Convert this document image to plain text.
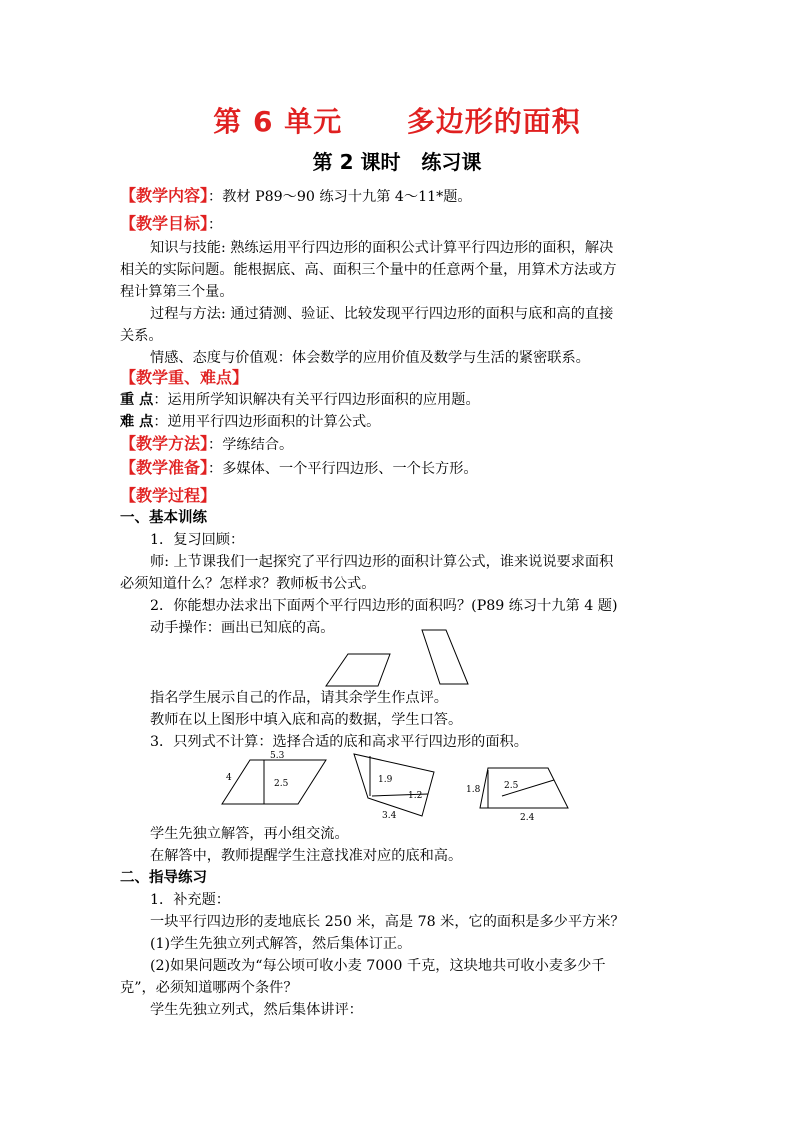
第 6 单元      多边形的面积
第 2 课时   练习课
【教学内容】：教材 P89～90 练习十九第 4～11*题。
【教学目标】：
知识与技能: 熟练运用平行四边形的面积公式计算平行四边形的面积，解决
相关的实际问题。能根据底、高、面积三个量中的任意两个量，用算术方法或方
程计算第三个量。
过程与方法: 通过猜测、验证、比较发现平行四边形的面积与底和高的直接
关系。
情感、态度与价值观：体会数学的应用价值及数学与生活的紧密联系。
【教学重、难点】
重 点：运用所学知识解决有关平行四边形面积的应用题。
难 点：逆用平行四边形面积的计算公式。
【教学方法】：学练结合。
【教学准备】：多媒体、一个平行四边形、一个长方形。
【教学过程】
一、基本训练
1．复习回顾：
师: 上节课我们一起探究了平行四边形的面积计算公式，谁来说说要求面积
必须知道什么？怎样求？教师板书公式。
2．你能想办法求出下面两个平行四边形的面积吗？(P89 练习十九第 4 题)
动手操作：画出已知底的高。
指名学生展示自己的作品，请其余学生作点评。
教师在以上图形中填入底和高的数据，学生口答。
3．只列式不计算：选择合适的底和高求平行四边形的面积。
5.3
4
2.5	1.9
1.2
3.4
1.8	2.5
2.4
学生先独立解答，再小组交流。
在解答中，教师提醒学生注意找准对应的底和高。
二、指导练习
1．补充题：
一块平行四边形的麦地底长 250 米，高是 78 米，它的面积是多少平方米？
(1)学生先独立列式解答，然后集体订正。
(2)如果问题改为“每公顷可收小麦 7000 千克，这块地共可收小麦多少千
克”，必须知道哪两个条件？
学生先独立列式，然后集体讲评：
